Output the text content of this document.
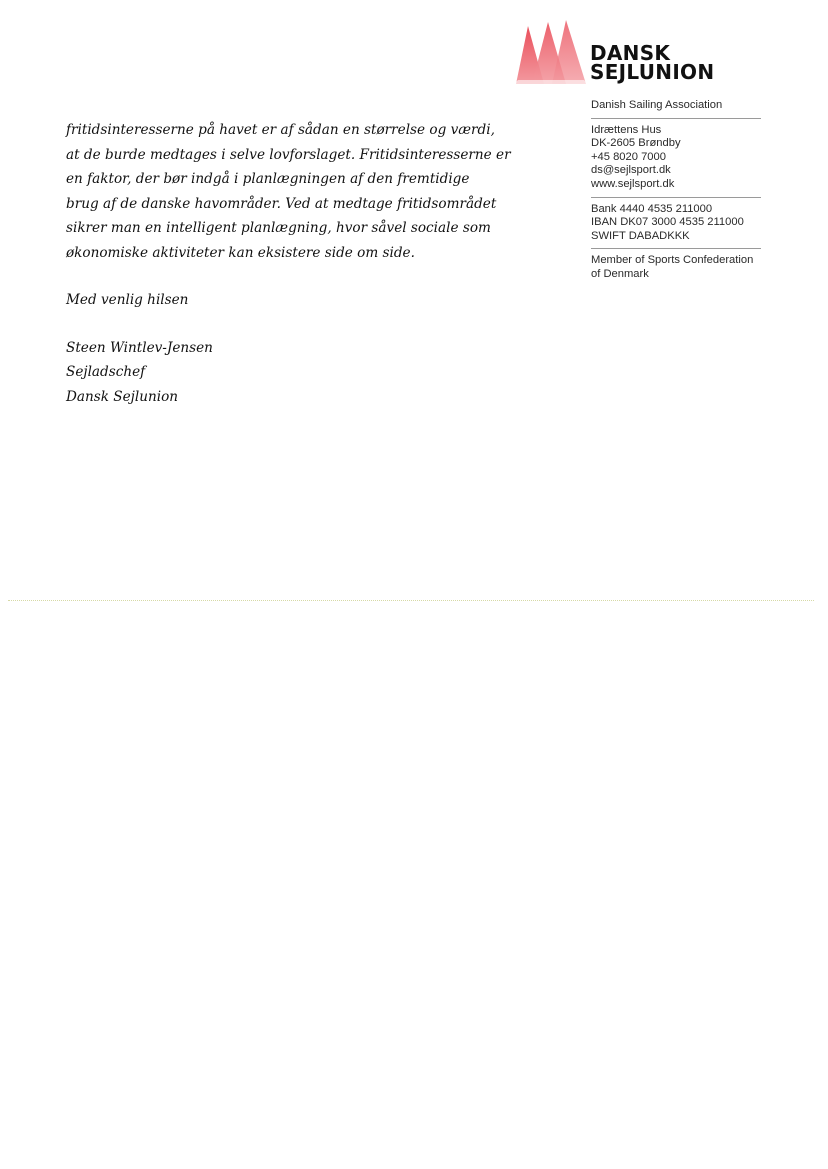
DANSK
SEJLUNION
Danish Sailing Association
Idrættens Hus
DK-2605 Brøndby
+45 8020 7000
ds@sejlsport.dk
www.sejlsport.dk
Bank 4440 4535 211000
IBAN DK07 3000 4535 211000
SWIFT DABADKKK
Member of Sports Confederation
of Denmark
fritidsinteresserne på havet er af sådan en størrelse og værdi,
at de burde medtages i selve lovforslaget. Fritidsinteresserne er
en faktor, der bør indgå i planlægningen af den fremtidige
brug af de danske havområder. Ved at medtage fritidsområdet
sikrer man en intelligent planlægning, hvor såvel sociale som
økonomiske aktiviteter kan eksistere side om side.
Med venlig hilsen
Steen Wintlev-Jensen
Sejladschef
Dansk Sejlunion
